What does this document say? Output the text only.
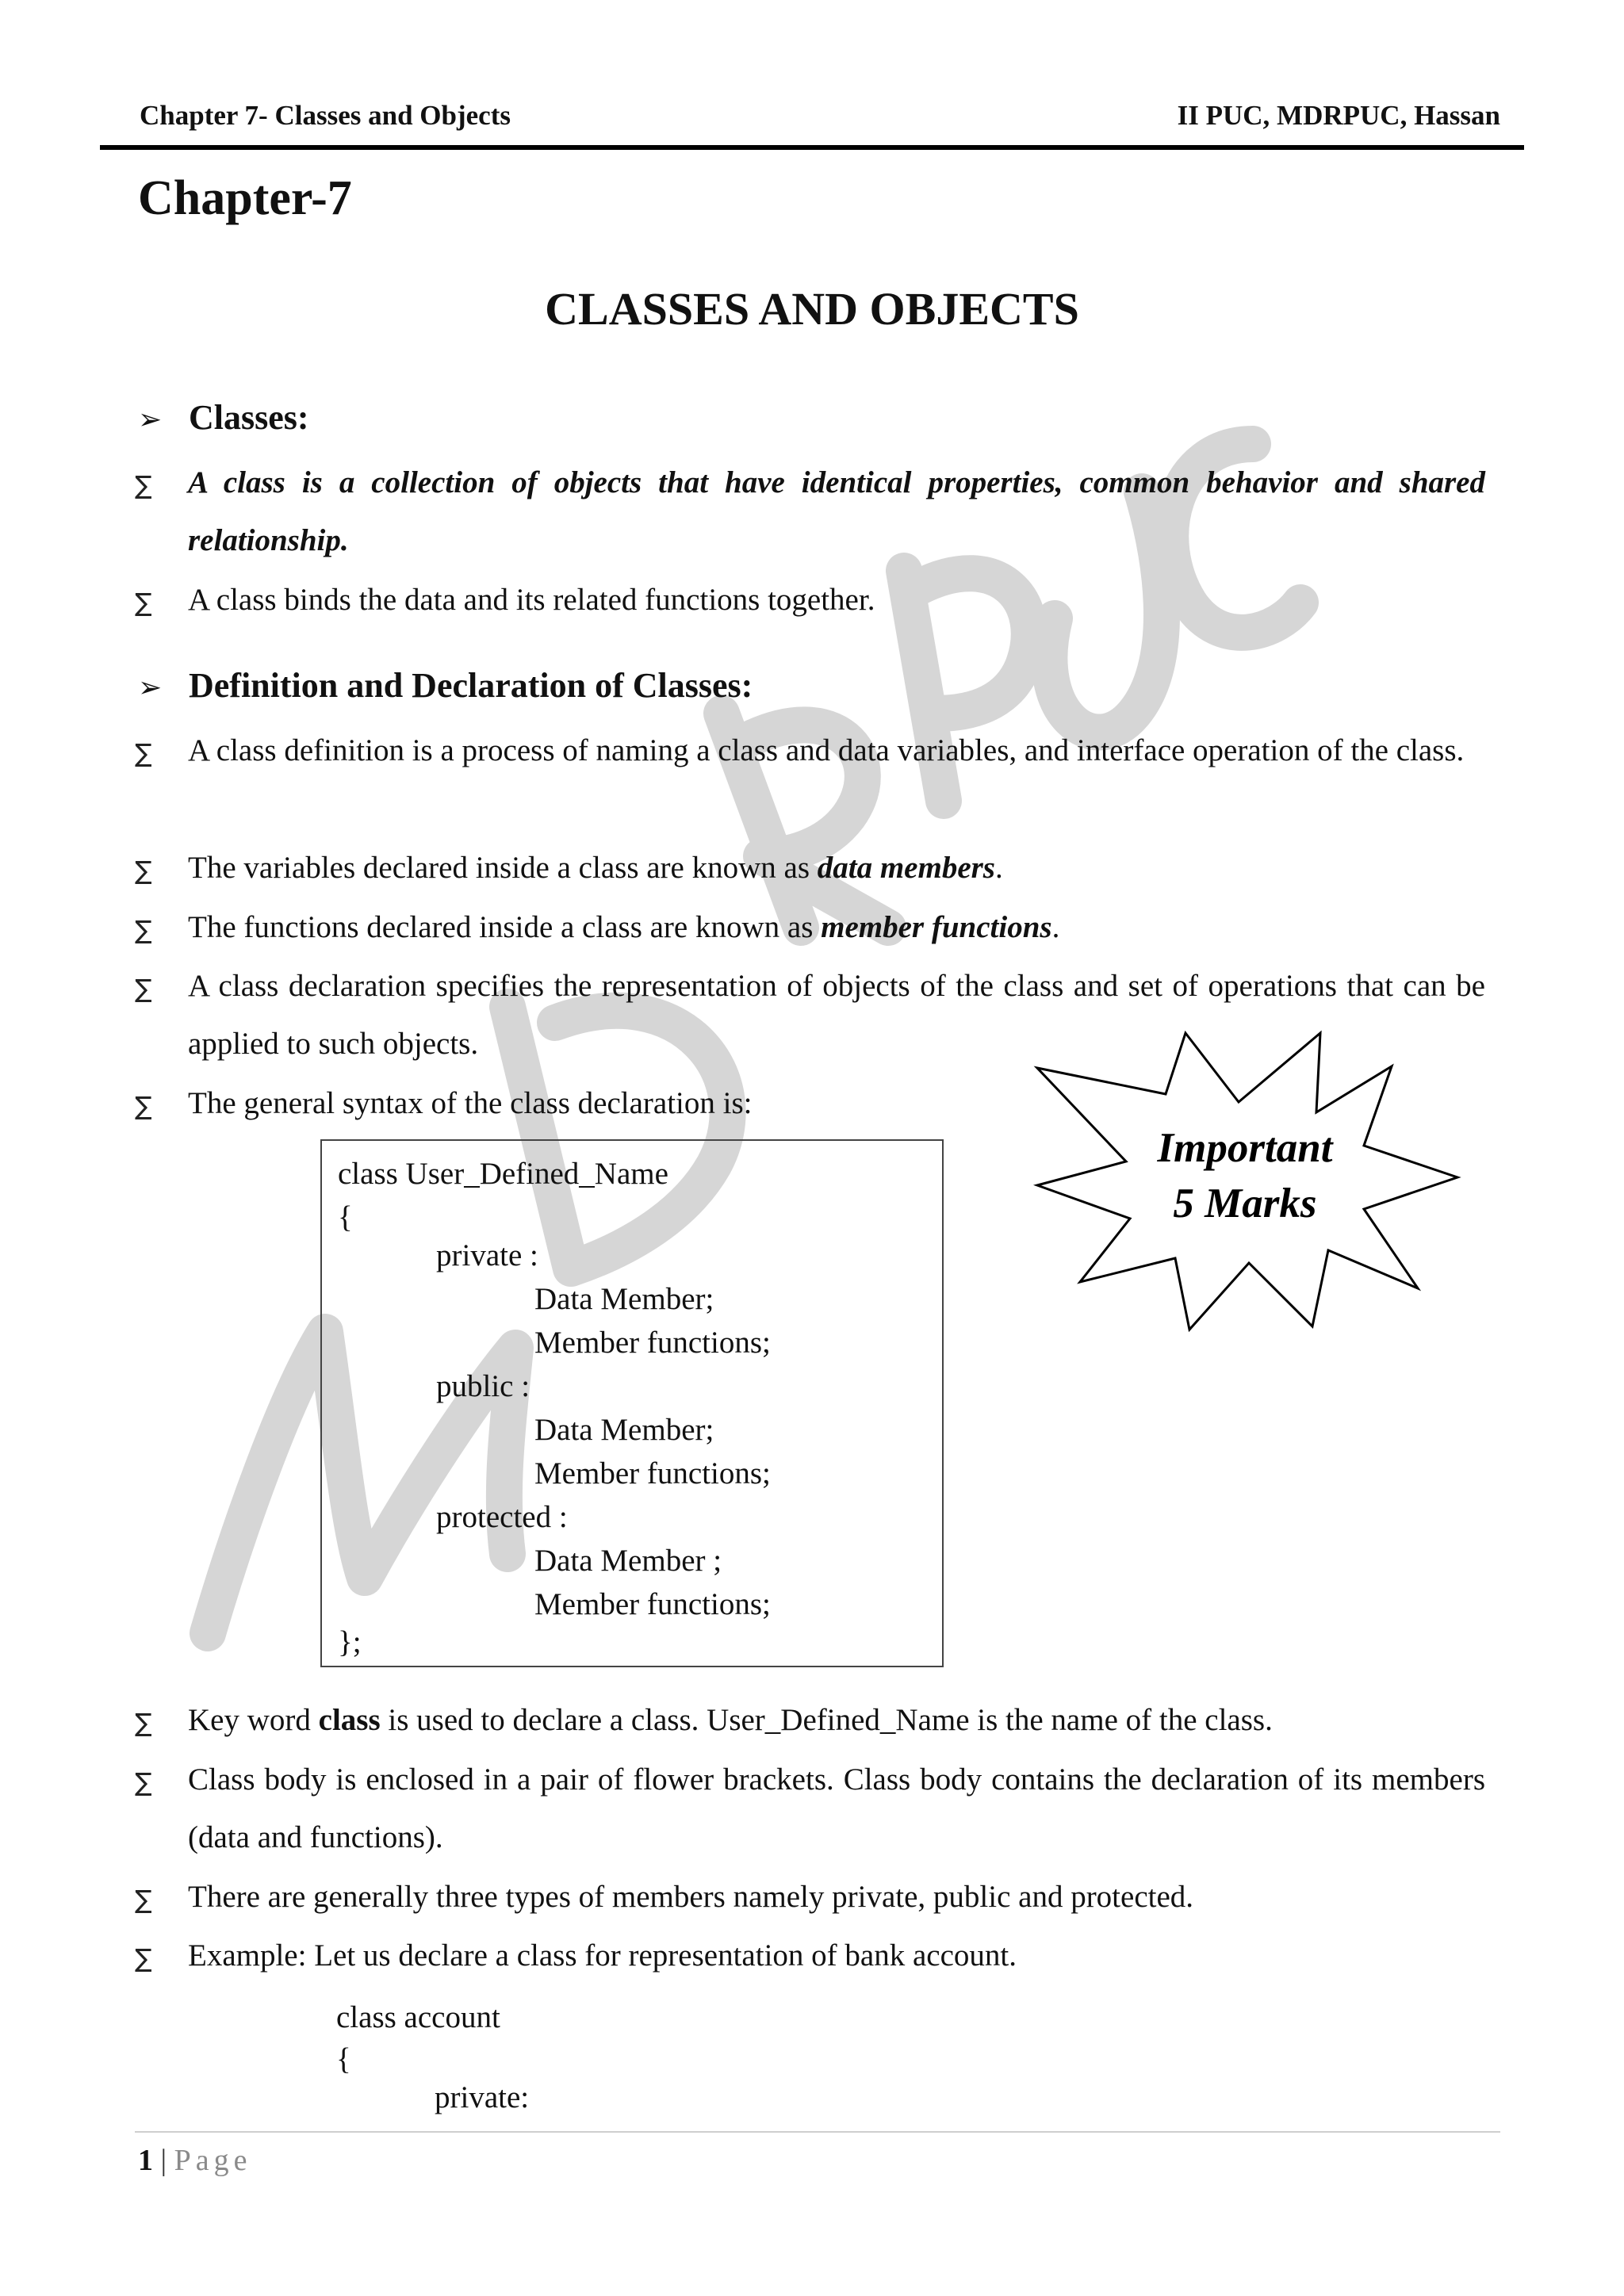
Chapter 7- Classes and Objects	II PUC, MDRPUC, Hassan
Chapter-7
CLASSES AND OBJECTS
➢ Classes:
∑ A class is a collection of objects that have identical properties, common behavior and shared relationship.
∑ A class binds the data and its related functions together.
➢ Definition and Declaration of Classes:
∑ A class definition is a process of naming a class and data variables, and interface operation of the class.
∑ The variables declared inside a class are known as data members.
∑ The functions declared inside a class are known as member functions.
∑ A class declaration specifies the representation of objects of the class and set of operations that can be applied to such objects.
∑ The general syntax of the class declaration is:
class User_Defined_Name
{
private :
Data Member;
Member functions;
public :
Data Member;
Member functions;
protected :
Data Member ;
Member functions;
};
Important
5 Marks
∑ Key word class is used to declare a class. User_Defined_Name is the name of the class.
∑ Class body is enclosed in a pair of flower brackets. Class body contains the declaration of its members (data and functions).
∑ There are generally three types of members namely private, public and protected.
∑ Example: Let us declare a class for representation of bank account.
class account
{
private:
1 | Page
